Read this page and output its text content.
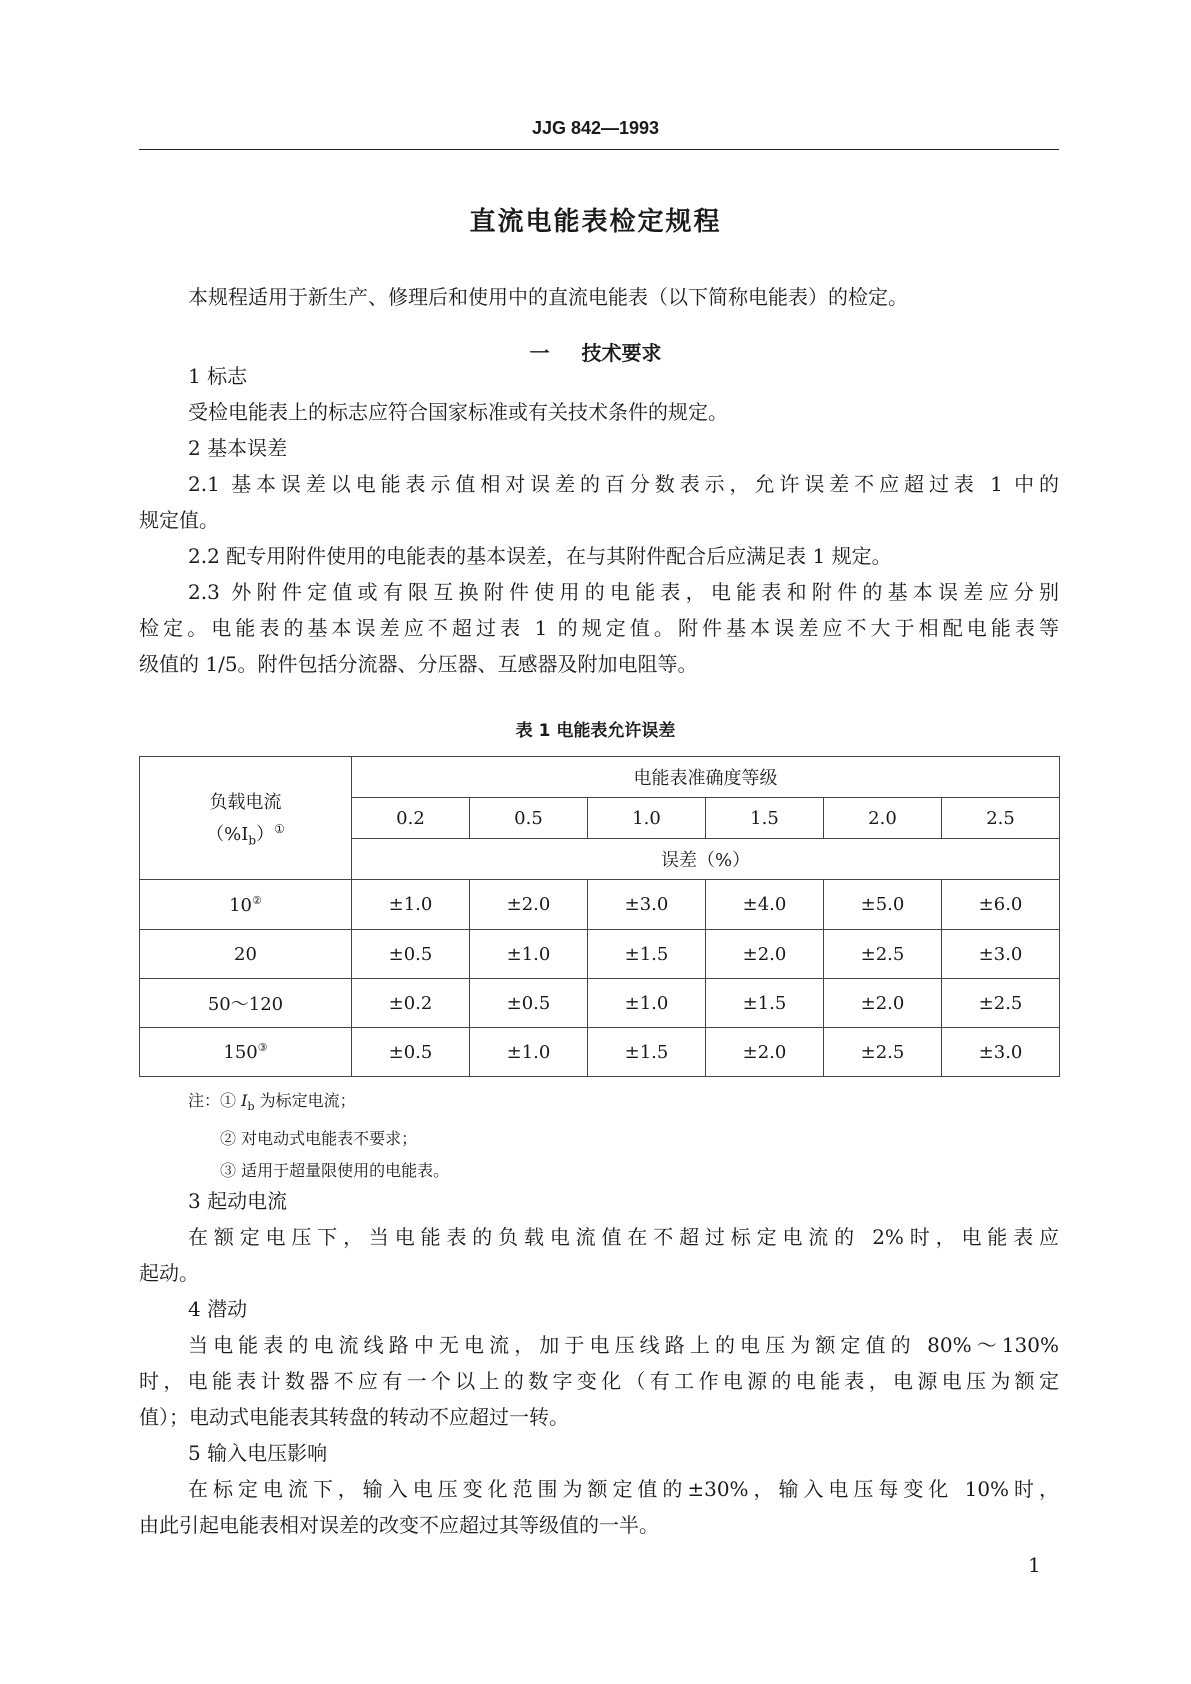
JJG 842—1993
直流电能表检定规程
本规程适用于新生产、修理后和使用中的直流电能表（以下简称电能表）的检定。
一 技术要求
1 标志
受检电能表上的标志应符合国家标准或有关技术条件的规定。
2 基本误差
2.1 基本误差以电能表示值相对误差的百分数表示，允许误差不应超过表 1 中的
规定值。
2.2 配专用附件使用的电能表的基本误差，在与其附件配合后应满足表 1 规定。
2.3 外附件定值或有限互换附件使用的电能表，电能表和附件的基本误差应分别
检定。电能表的基本误差应不超过表 1 的规定值。附件基本误差应不大于相配电能表等
级值的 1/5。附件包括分流器、分压器、互感器及附加电阻等。
表 1 电能表允许误差
负载电流
$(\%I_b)^①$	电能表准确度等级					
	0.2	0.5	1.0	1.5	2.0	2.5
	误差（%）					
10②	±1.0	±2.0	±3.0	±4.0	±5.0	±6.0
20	±0.5	±1.0	±1.5	±2.0	±2.5	±3.0
50～120	±0.2	±0.5	±1.0	±1.5	±2.0	±2.5
150③	±0.5	±1.0	±1.5	±2.0	±2.5	±3.0
注：① $I_b$ 为标定电流；
② 对电动式电能表不要求；
③ 适用于超量限使用的电能表。
3 起动电流
在额定电压下，当电能表的负载电流值在不超过标定电流的 2%时，电能表应
起动。
4 潜动
当电能表的电流线路中无电流，加于电压线路上的电压为额定值的 80%～130%
时，电能表计数器不应有一个以上的数字变化（有工作电源的电能表，电源电压为额定
值）；电动式电能表其转盘的转动不应超过一转。
5 输入电压影响
在标定电流下，输入电压变化范围为额定值的±30%，输入电压每变化 10%时，
由此引起电能表相对误差的改变不应超过其等级值的一半。
1
